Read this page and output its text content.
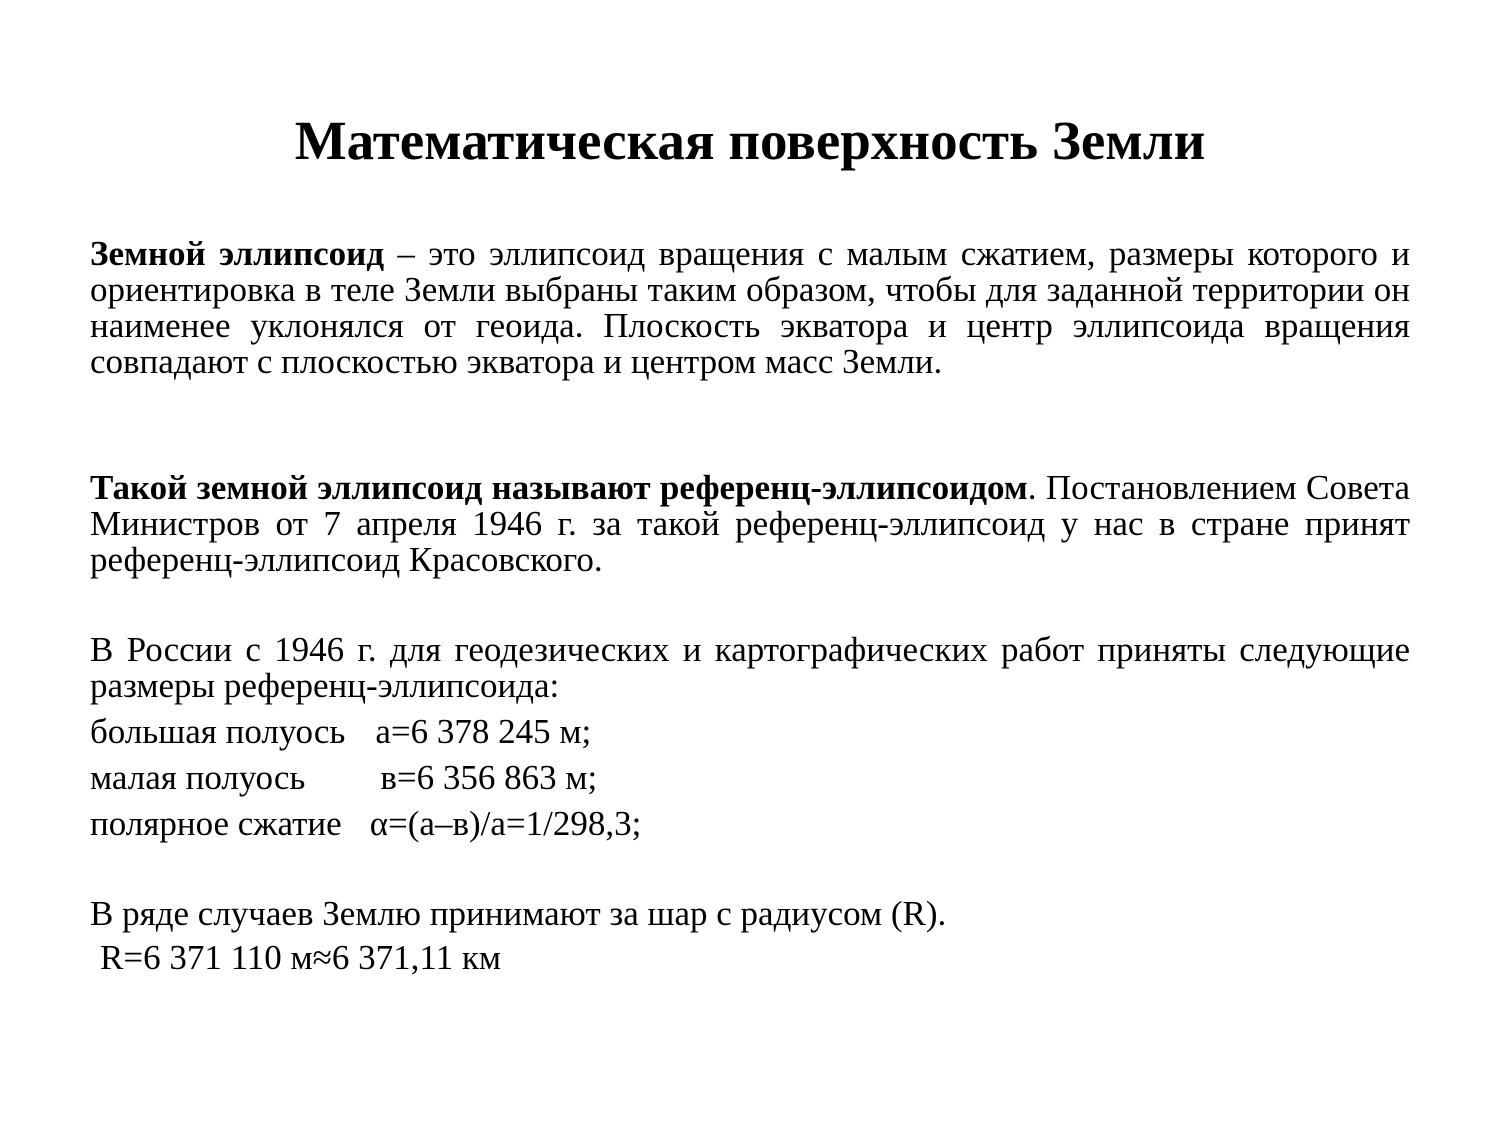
Математическая поверхность Земли

Земной эллипсоид – это эллипсоид вращения с малым сжатием, размеры которого и ориентировка в теле Земли выбраны таким образом, чтобы для заданной территории он наименее уклонялся от геоида. Плоскость экватора и центр эллипсоида вращения совпадают с плоскостью экватора и центром масс Земли.

Такой земной эллипсоид называют референц-эллипсоидом. Постановлением Совета Министров от 7 апреля 1946 г. за такой референц-эллипсоид у нас в стране принят референц-эллипсоид Красовского.

В России с 1946 г. для геодезических и картографических работ приняты следующие размеры референц-эллипсоида:

большая полуось а=6 378 245 м;
малая полуось в=6 356 863 м;
полярное сжатие α=(а–в)/а=1/298,3;

В ряде случаев Землю принимают за шар с радиусом (R).

R=6 371 110 м≈6 371,11 км
